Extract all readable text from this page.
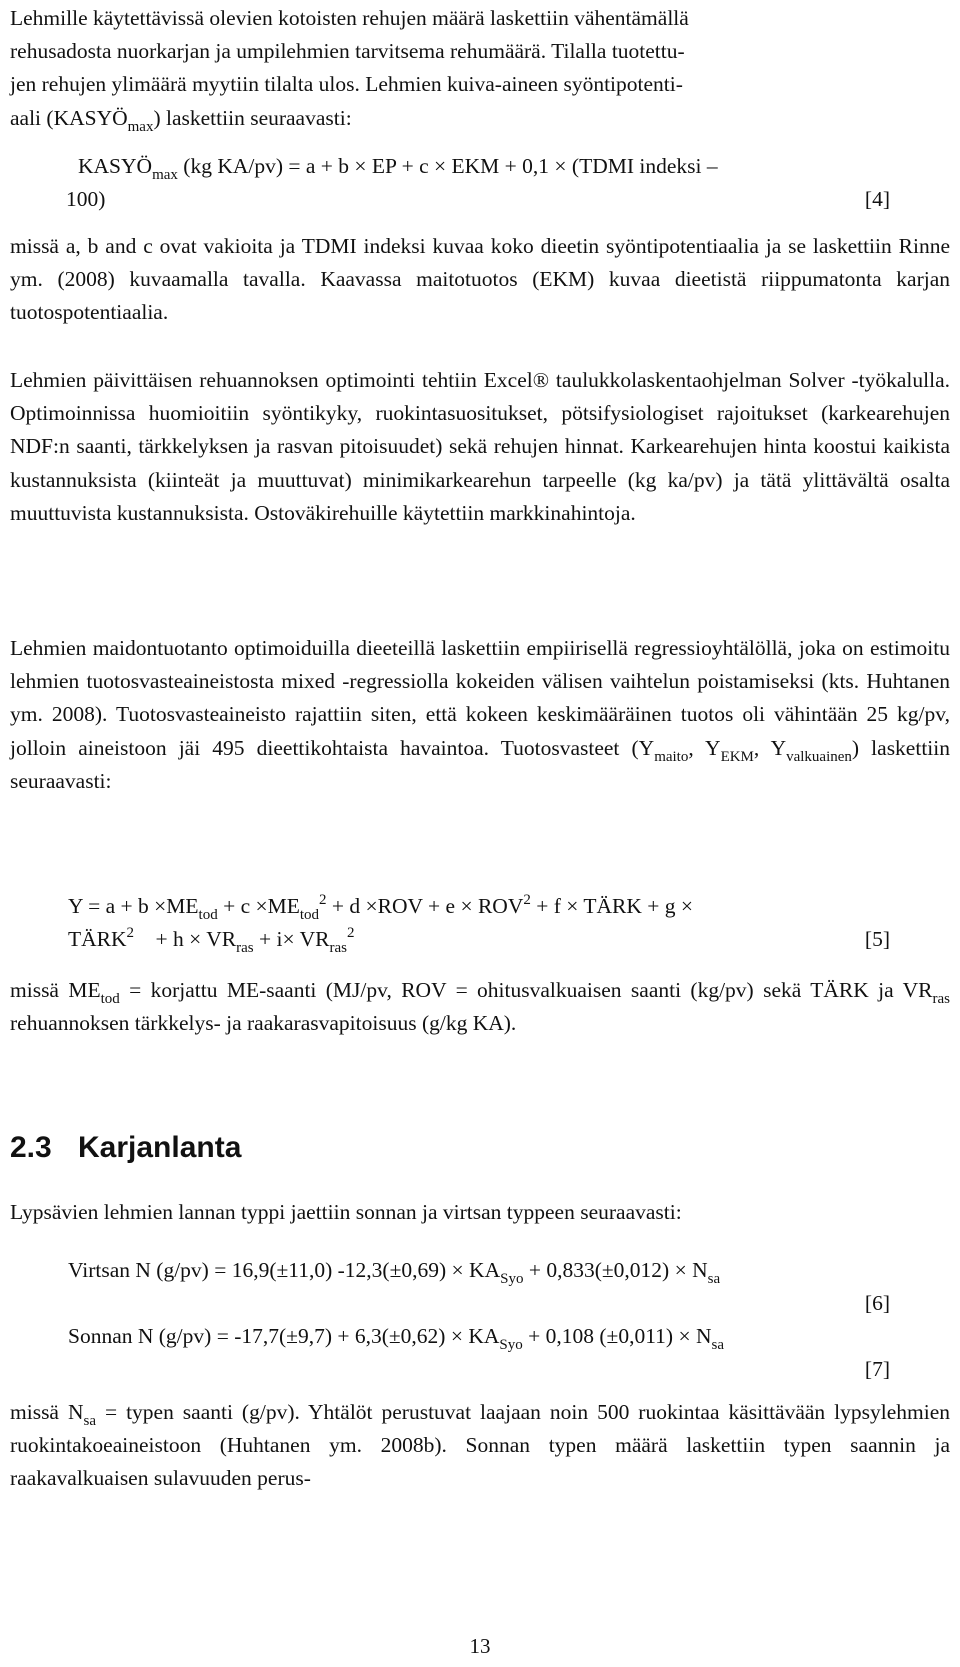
Lehmille käytettävissä olevien kotoisten rehujen määrä laskettiin vähentämällä
rehusadosta nuorkarjan ja umpilehmien tarvitsema rehumäärä. Tilalla tuotettu-
jen rehujen ylimäärä myytiin tilalta ulos. Lehmien kuiva-aineen syöntipotenti-
aali $(KASYÖ_{max})$ laskettiin seuraavasti:
$KASYÖ_{max}$ (kg KA/pv) = a + b × EP + c × EKM + 0,1 × (TDMI indeksi –
100)	[4]

missä a, b and c ovat vakioita ja TDMI indeksi kuvaa koko dieetin syöntipotentiaalia ja se laskettiin Rinne ym. (2008) kuvaamalla tavalla. Kaavassa maitotuotos (EKM) kuvaa dieetistä riippumatonta karjan tuotospotentiaalia.

Lehmien päivittäisen rehuannoksen optimointi tehtiin Excel® taulukkolaskentaohjelman Solver -työkalulla. Optimoinnissa huomioitiin syöntikyky, ruokintasuositukset, pötsifysiologiset rajoitukset (karkearehujen NDF:n saanti, tärkkelyksen ja rasvan pitoisuudet) sekä rehujen hinnat. Karkearehujen hinta koostui kaikista kustannuksista (kiinteät ja muuttuvat) minimikarkearehun tarpeelle (kg ka/pv) ja tätä ylittävältä osalta muuttuvista kustannuksista. Ostoväkirehuille käytettiin markkinahintoja.

Lehmien maidontuotanto optimoiduilla dieeteillä laskettiin empiirisellä regressioyhtälöllä, joka on estimoitu lehmien tuotosvasteaineistosta mixed -regressiolla kokeiden välisen vaihtelun poistamiseksi (kts. Huhtanen ym. 2008). Tuotosvasteaineisto rajattiin siten, että kokeen keskimääräinen tuotos oli vähintään 25 kg/pv, jolloin aineistoon jäi 495 dieettikohtaista havaintoa. Tuotosvasteet ($Y_{maito}$, $Y_{EKM}$, $Y_{valkuainen}$) laskettiin seuraavasti:

$Y = a + b \times ME_{tod} + c \times ME_{tod}^2 + d \times ROV + e \times ROV^2 + f$ × TÄRK + g ×
$TÄRK^2$    + $h \times VR_{ras} + i\times VR_{ras}^2$	[5]

missä $ME_{tod}$ = korjattu ME-saanti (MJ/pv, ROV = ohitusvalkuaisen saanti (kg/pv) sekä TÄRK ja $VR_{ras}$ rehuannoksen tärkkelys- ja raakarasvapitoisuus (g/kg KA).

2.3 Karjanlanta

Lypsävien lehmien lannan typpi jaettiin sonnan ja virtsan typpeen seuraavasti:

Virtsan N (g/pv) = 16,9(±11,0) $-12,3(\pm 0,69) \times KA_{Syo} + 0,833(\pm 0,012) \times N_{sa}$
[6]
Sonnan N $(g/pv) = -17,7(\pm 9,7) + 6,3(\pm 0,62) \times KA_{Syo} + 0,108$ $(\pm 0,011) \times N_{sa}$
[7]

missä $N_{sa}$ = typen saanti (g/pv). Yhtälöt perustuvat laajaan noin 500 ruokintaa käsittävään lypsylehmien ruokintakoeaineistoon (Huhtanen ym. 2008b). Sonnan typen määrä laskettiin typen saannin ja raakavalkuaisen sulavuuden perus-

13
